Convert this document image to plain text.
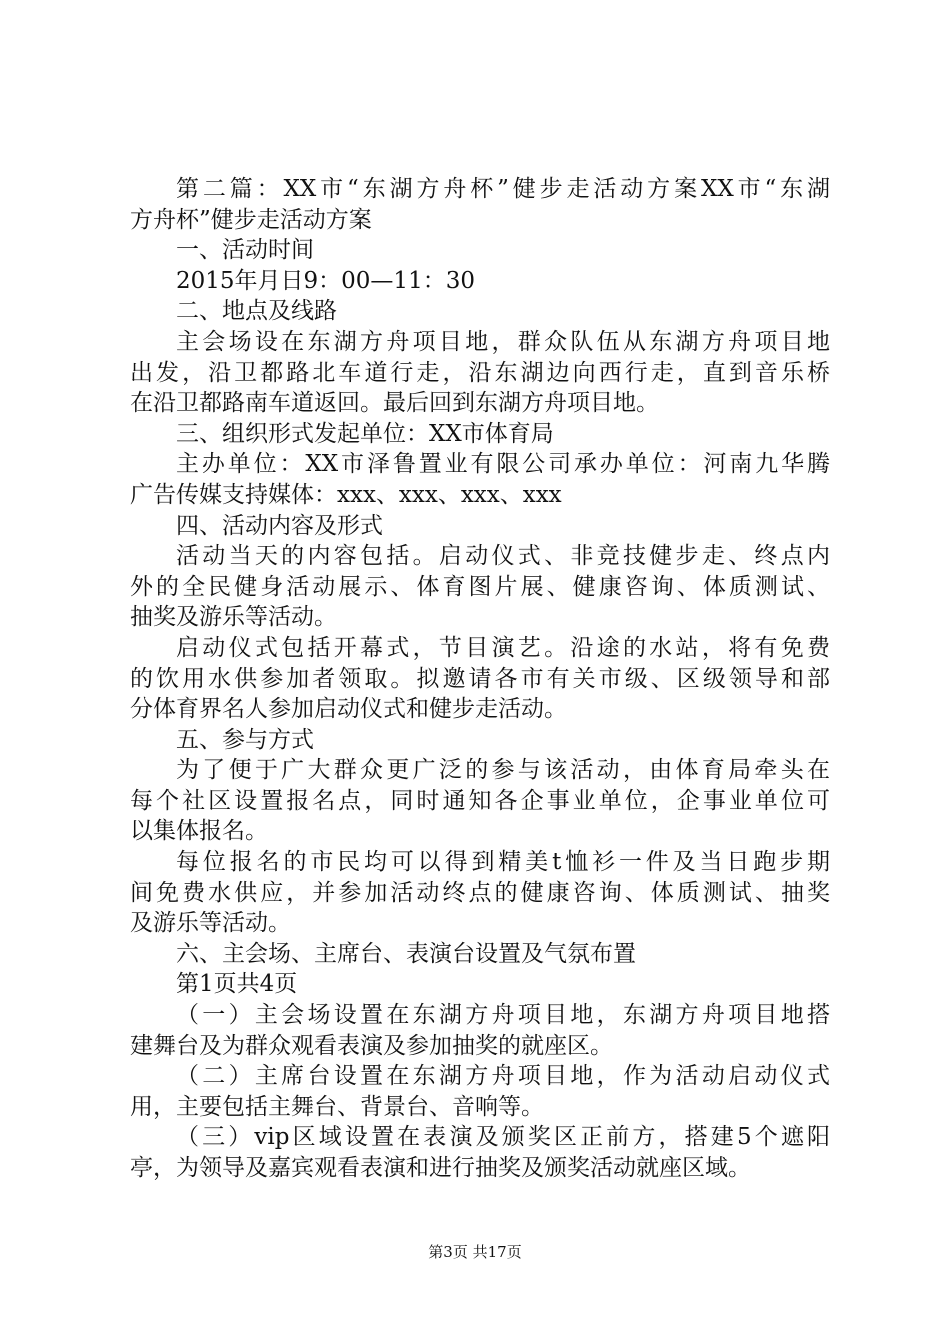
第二篇：XX市“东湖方舟杯”健步走活动方案XX市“东湖
方舟杯”健步走活动方案
一、活动时间
2015年月日9：00—11：30
二、地点及线路
主会场设在东湖方舟项目地，群众队伍从东湖方舟项目地
出发，沿卫都路北车道行走，沿东湖边向西行走，直到音乐桥
在沿卫都路南车道返回。最后回到东湖方舟项目地。
三、组织形式发起单位：XX市体育局
主办单位：XX市泽鲁置业有限公司承办单位：河南九华腾
广告传媒支持媒体：xxx、xxx、xxx、xxx
四、活动内容及形式
活动当天的内容包括。启动仪式、非竞技健步走、终点内
外的全民健身活动展示、体育图片展、健康咨询、体质测试、
抽奖及游乐等活动。
启动仪式包括开幕式，节目演艺。沿途的水站，将有免费
的饮用水供参加者领取。拟邀请各市有关市级、区级领导和部
分体育界名人参加启动仪式和健步走活动。
五、参与方式
为了便于广大群众更广泛的参与该活动，由体育局牵头在
每个社区设置报名点，同时通知各企事业单位，企事业单位可
以集体报名。
每位报名的市民均可以得到精美t恤衫一件及当日跑步期
间免费水供应，并参加活动终点的健康咨询、体质测试、抽奖
及游乐等活动。
六、主会场、主席台、表演台设置及气氛布置
第1页共4页
（一）主会场设置在东湖方舟项目地，东湖方舟项目地搭
建舞台及为群众观看表演及参加抽奖的就座区。
（二）主席台设置在东湖方舟项目地，作为活动启动仪式
用，主要包括主舞台、背景台、音响等。
（三）vip区域设置在表演及颁奖区正前方，搭建5个遮阳
亭，为领导及嘉宾观看表演和进行抽奖及颁奖活动就座区域。
第3页 共17页
